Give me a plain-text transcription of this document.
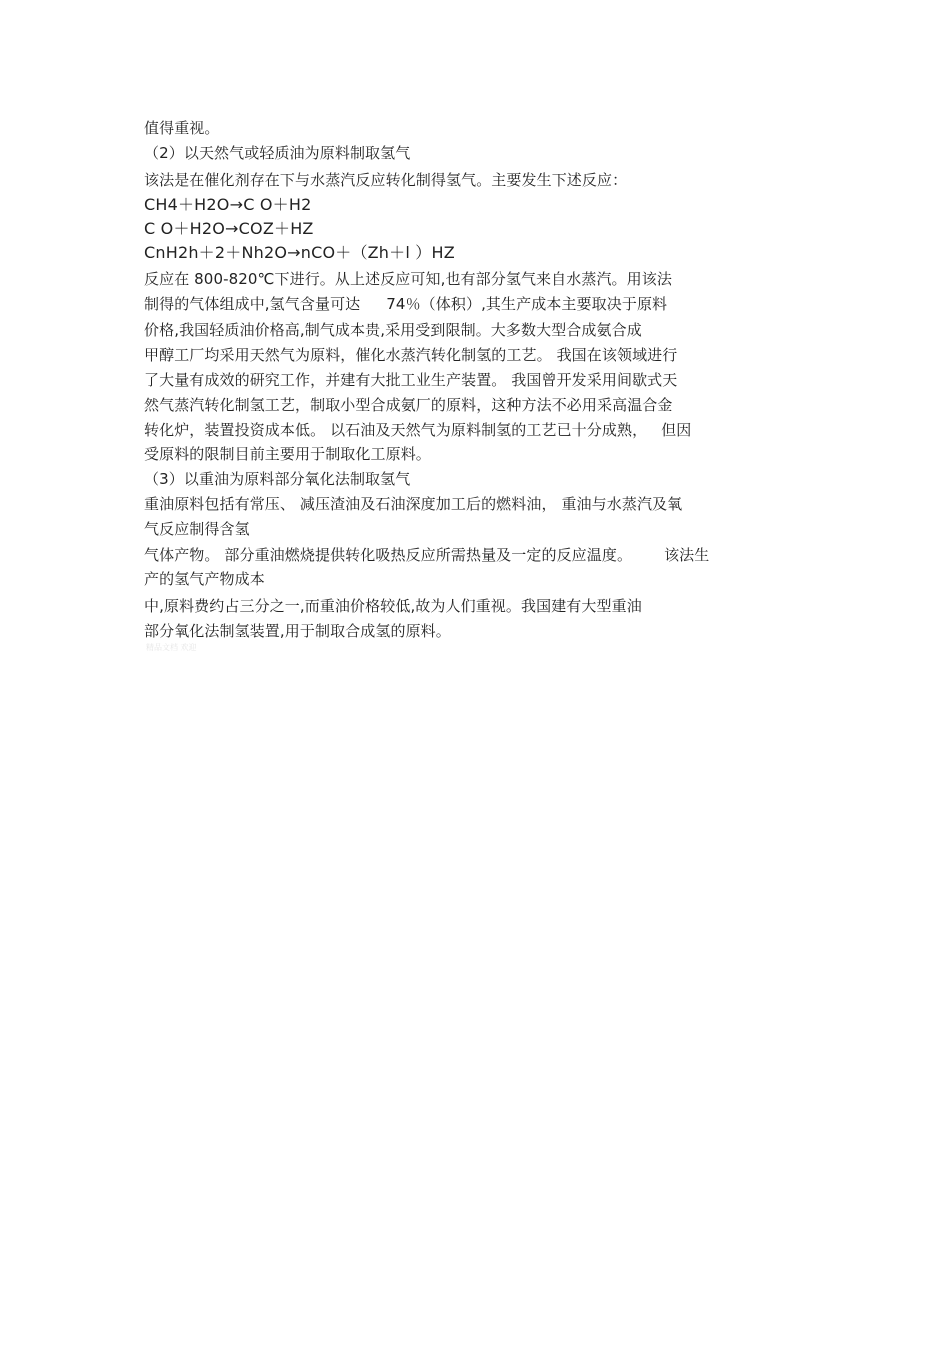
值得重视。
（2）以天然气或轻质油为原料制取氢气
该法是在催化剂存在下与水蒸汽反应转化制得氢气。主要发生下述反应：
CH4＋H2O→C O＋H2
C O＋H2O→COZ＋HZ
CnH2h＋2＋Nh2O→nCO＋（Zh＋l ）HZ
反应在 800-820℃下进行。从上述反应可知,也有部分氢气来自水蒸汽。用该法
制得的气体组成中,氢气含量可达 74％（体积）,其生产成本主要取决于原料
价格,我国轻质油价格高,制气成本贵,采用受到限制。大多数大型合成氨合成
甲醇工厂均采用天然气为原料，催化水蒸汽转化制氢的工艺。 我国在该领域进行
了大量有成效的研究工作，并建有大批工业生产装置。 我国曾开发采用间歇式天
然气蒸汽转化制氢工艺，制取小型合成氨厂的原料，这种方法不必用采高温合金
转化炉，装置投资成本低。 以石油及天然气为原料制氢的工艺已十分成熟， 但因
受原料的限制目前主要用于制取化工原料。
（3）以重油为原料部分氧化法制取氢气
重油原料包括有常压、 减压渣油及石油深度加工后的燃料油， 重油与水蒸汽及氧
气反应制得含氢
气体产物。 部分重油燃烧提供转化吸热反应所需热量及一定的反应温度。 该法生
产的氢气产物成本
中,原料费约占三分之一,而重油价格较低,故为人们重视。我国建有大型重油
部分氧化法制氢装置,用于制取合成氢的原料。
精品文档 欢迎
